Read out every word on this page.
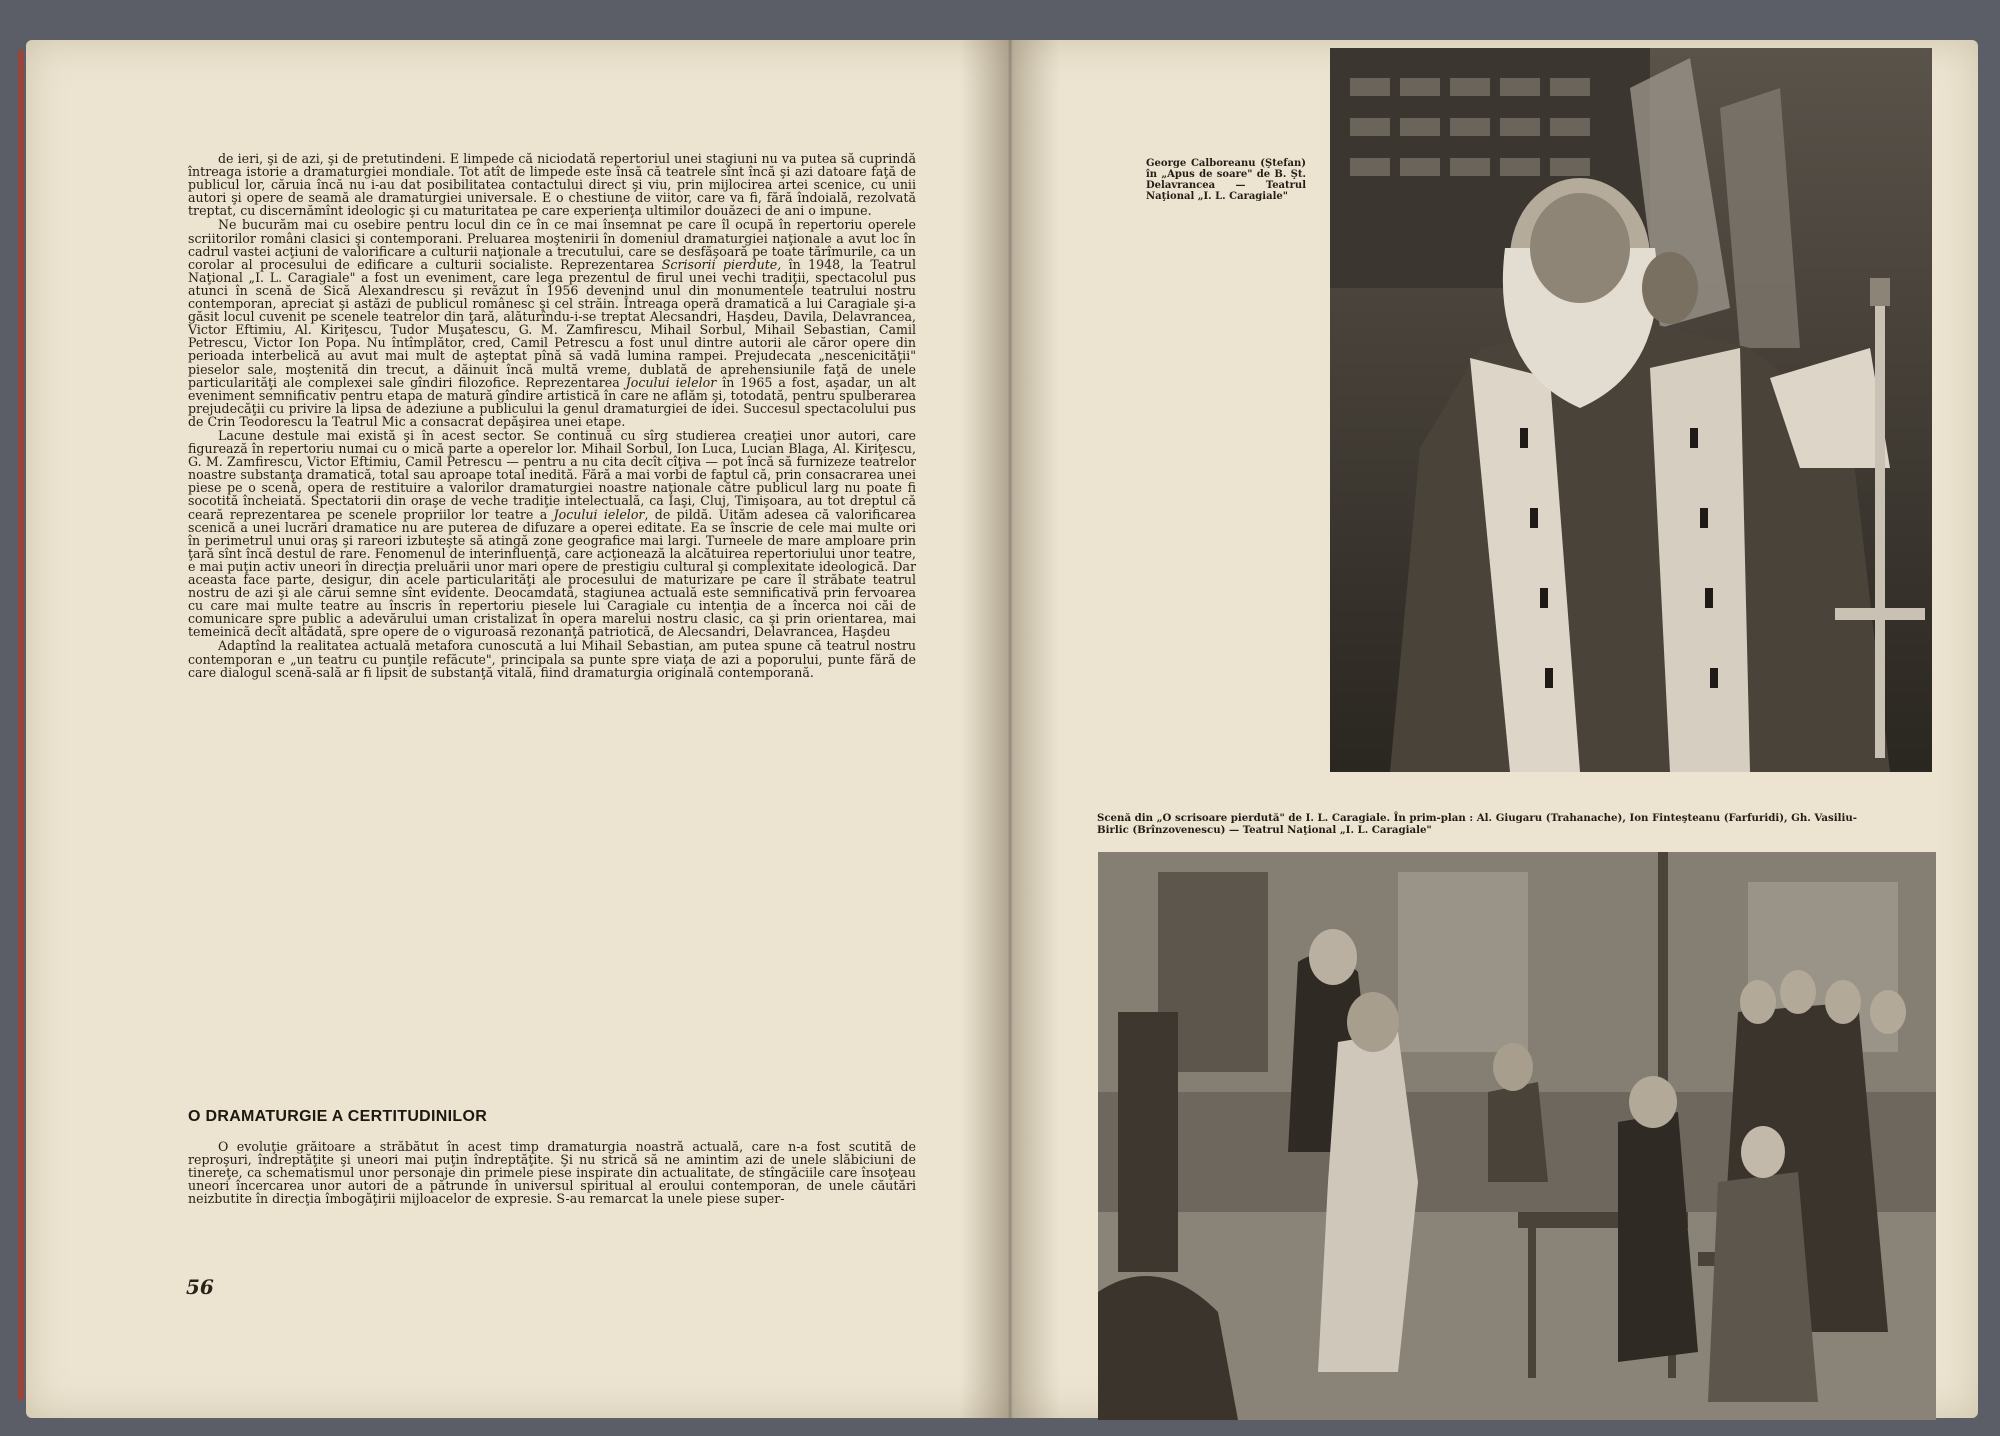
de ieri, şi de azi, şi de pretutindeni. E limpede că niciodată repertoriul unei stagiuni nu va putea să cuprindă întreaga istorie a dramaturgiei mondiale. Tot atît de limpede este însă că teatrele sînt încă şi azi datoare faţă de publicul lor, căruia încă nu i-au dat posibilitatea contactului direct şi viu, prin mijlocirea artei scenice, cu unii autori şi opere de seamă ale dramaturgiei universale. E o chestiune de viitor, care va fi, fără îndoială, rezolvată treptat, cu discernămînt ideologic şi cu maturitatea pe care experienţa ultimilor douăzeci de ani o impune.

Ne bucurăm mai cu osebire pentru locul din ce în ce mai însemnat pe care îl ocupă în repertoriu operele scriitorilor români clasici şi contemporani. Preluarea moştenirii în domeniul dramaturgiei naţionale a avut loc în cadrul vastei acţiuni de valorificare a culturii naţionale a trecutului, care se desfăşoară pe toate tărîmurile, ca un corolar al procesului de edificare a culturii socialiste. Reprezentarea Scrisorii pierdute, în 1948, la Teatrul Naţional „I. L. Caragiale" a fost un eveniment, care lega prezentul de firul unei vechi tradiţii, spectacolul pus atunci în scenă de Sică Alexandrescu şi revăzut în 1956 devenind unul din monumentele teatrului nostru contemporan, apreciat şi astăzi de publicul românesc şi cel străin. Întreaga operă dramatică a lui Caragiale şi-a găsit locul cuvenit pe scenele teatrelor din ţară, alăturîndu-i-se treptat Alecsandri, Haşdeu, Davila, Delavrancea, Victor Eftimiu, Al. Kiriţescu, Tudor Muşatescu, G. M. Zamfirescu, Mihail Sorbul, Mihail Sebastian, Camil Petrescu, Victor Ion Popa. Nu întîmplător, cred, Camil Petrescu a fost unul dintre autorii ale căror opere din perioada interbelică au avut mai mult de aşteptat pînă să vadă lumina rampei. Prejudecata „nescenicităţii" pieselor sale, moştenită din trecut, a dăinuit încă multă vreme, dublată de aprehensiunile faţă de unele particularităţi ale complexei sale gîndiri filozofice. Reprezentarea Jocului ielelor în 1965 a fost, aşadar, un alt eveniment semnificativ pentru etapa de matură gîndire artistică în care ne aflăm şi, totodată, pentru spulberarea prejudecăţii cu privire la lipsa de adeziune a publicului la genul dramaturgiei de idei. Succesul spectacolului pus de Crin Teodorescu la Teatrul Mic a consacrat depăşirea unei etape.

Lacune destule mai există şi în acest sector. Se continuă cu sîrg studierea creaţiei unor autori, care figurează în repertoriu numai cu o mică parte a operelor lor. Mihail Sorbul, Ion Luca, Lucian Blaga, Al. Kiriţescu, G. M. Zamfirescu, Victor Eftimiu, Camil Petrescu — pentru a nu cita decît cîţiva — pot încă să furnizeze teatrelor noastre substanţa dramatică, total sau aproape total inedită. Fără a mai vorbi de faptul că, prin consacrarea unei piese pe o scenă, opera de restituire a valorilor dramaturgiei noastre naţionale către publicul larg nu poate fi socotită încheiată. Spectatorii din oraşe de veche tradiţie intelectuală, ca Iaşi, Cluj, Timişoara, au tot dreptul că ceară reprezentarea pe scenele propriilor lor teatre a Jocului ielelor, de pildă. Uităm adesea că valorificarea scenică a unei lucrări dramatice nu are puterea de difuzare a operei editate. Ea se înscrie de cele mai multe ori în perimetrul unui oraş şi rareori izbuteşte să atingă zone geografice mai largi. Turneele de mare amploare prin ţară sînt încă destul de rare. Fenomenul de interinfluenţă, care acţionează la alcătuirea repertoriului unor teatre, e mai puţin activ uneori în direcţia preluării unor mari opere de prestigiu cultural şi complexitate ideologică. Dar aceasta face parte, desigur, din acele particularităţi ale procesului de maturizare pe care îl străbate teatrul nostru de azi şi ale cărui semne sînt evidente. Deocamdată, stagiunea actuală este semnificativă prin fervoarea cu care mai multe teatre au înscris în repertoriu piesele lui Caragiale cu intenţia de a încerca noi căi de comunicare spre public a adevărului uman cristalizat în opera marelui nostru clasic, ca şi prin orientarea, mai temeinică decît altădată, spre opere de o viguroasă rezonanţă patriotică, de Alecsandri, Delavrancea, Haşdeu

Adaptînd la realitatea actuală metafora cunoscută a lui Mihail Sebastian, am putea spune că teatrul nostru contemporan e „un teatru cu punţile refăcute", principala sa punte spre viaţa de azi a poporului, punte fără de care dialogul scenă-sală ar fi lipsit de substanţă vitală, fiind dramaturgia originală contemporană.

O DRAMATURGIE A CERTITUDINILOR

O evoluţie grăitoare a străbătut în acest timp dramaturgia noastră actuală, care n-a fost scutită de reproşuri, îndreptăţite şi uneori mai puţin îndreptăţite. Şi nu strică să ne amintim azi de unele slăbiciuni de tinereţe, ca schematismul unor personaje din primele piese inspirate din actualitate, de stîngăciile care însoţeau uneori încercarea unor autori de a pătrunde în universul spiritual al eroului contemporan, de unele căutări neizbutite în direcţia îmbogăţirii mijloacelor de expresie. S-au remarcat la unele piese super-

56
George Calboreanu (Ştefan) în „Apus de soare" de B. Şt. Delavrancea — Teatrul Naţional „I. L. Caragiale"
Scenă din „O scrisoare pierdută" de I. L. Caragiale. În prim-plan : Al. Giugaru (Trahanache), Ion Finteşteanu (Farfuridi), Gh. Vasiliu-Birlic (Brînzovenescu) — Teatrul Naţional „I. L. Caragiale"
